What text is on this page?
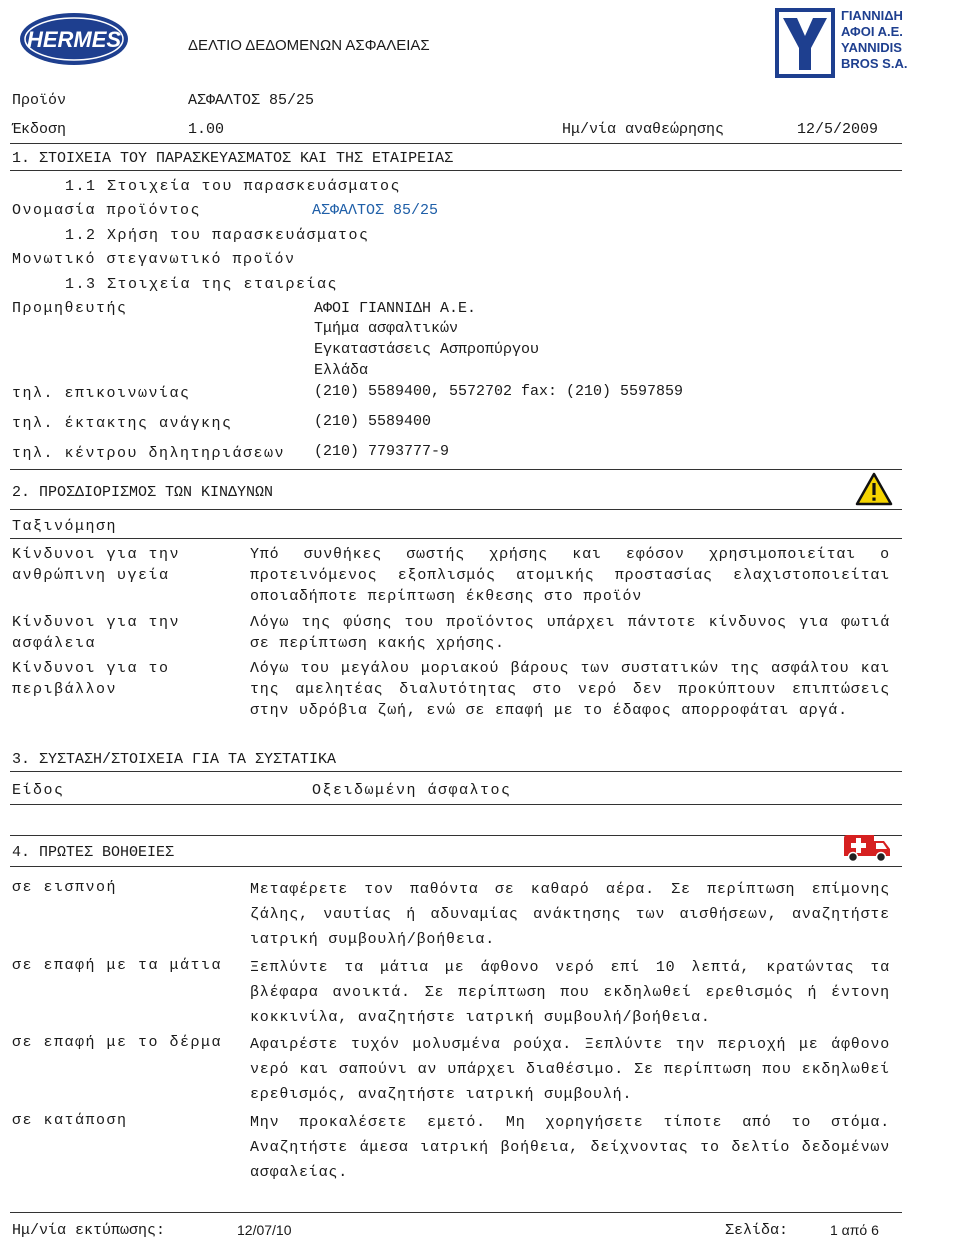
HERMES	ΔΕΛΤΙΟ ΔΕΔΟΜΕΝΩΝ ΑΣΦΑΛΕΙΑΣ
ΓΙΑΝΝΙΔΗ
ΑΦΟΙ Α.Ε.
YANNIDIS
BROS S.A.
Προϊόν	ΑΣΦΑΛΤΟΣ 85/25
Έκδοση	1.00	Ημ/νία αναθεώρησης	12/5/2009
1. ΣΤΟΙΧΕΙΑ ΤΟΥ ΠΑΡΑΣΚΕΥΑΣΜΑΤΟΣ ΚΑΙ ΤΗΣ ΕΤΑΙΡΕΙΑΣ
1.1 Στοιχεία του παρασκευάσματος
Ονομασία προϊόντος	ΑΣΦΑΛΤΟΣ 85/25
1.2 Χρήση του παρασκευάσματος
Μονωτικό στεγανωτικό προϊόν
1.3 Στοιχεία της εταιρείας
Προμηθευτής	ΑΦΟΙ ΓΙΑΝΝΙΔΗ Α.Ε.
Τμήμα ασφαλτικών
Εγκαταστάσεις Ασπροπύργου
Ελλάδα
τηλ. επικοινωνίας	(210) 5589400, 5572702 fax: (210) 5597859
τηλ. έκτακτης ανάγκης	(210) 5589400
τηλ. κέντρου δηλητηριάσεων (210) 7793777-9
2. ΠΡΟΣΔΙΟΡΙΣΜΟΣ ΤΩΝ ΚΙΝΔΥΝΩΝ
Ταξινόμηση
Κίνδυνοι για την ανθρώπινη υγεία
Υπό συνθήκες σωστής χρήσης και εφόσον χρησιμοποιείται ο προτεινόμενος εξοπλισμός ατομικής προστασίας ελαχιστοποιείται οποιαδήποτε περίπτωση έκθεσης στο προϊόν
Κίνδυνοι για την ασφάλεια
Λόγω της φύσης του προϊόντος υπάρχει πάντοτε κίνδυνος για φωτιά σε περίπτωση κακής χρήσης.
Κίνδυνοι για το περιβάλλον
Λόγω του μεγάλου μοριακού βάρους των συστατικών της ασφάλτου και της αμελητέας διαλυτότητας στο νερό δεν προκύπτουν επιπτώσεις στην υδρόβια ζωή, ενώ σε επαφή με το έδαφος απορροφάται αργά.
3. ΣΥΣΤΑΣΗ/ΣΤΟΙΧΕΙΑ ΓΙΑ ΤΑ ΣΥΣΤΑΤΙΚΑ
Είδος	Οξειδωμένη άσφαλτος
4. ΠΡΩΤΕΣ ΒΟΗΘΕΙΕΣ
σε εισπνοή	Μεταφέρετε τον παθόντα σε καθαρό αέρα. Σε περίπτωση επίμονης ζάλης, ναυτίας ή αδυναμίας ανάκτησης των αισθήσεων, αναζητήστε ιατρική συμβουλή/βοήθεια.
σε επαφή με τα μάτια	Ξεπλύντε τα μάτια με άφθονο νερό επί 10 λεπτά, κρατώντας τα βλέφαρα ανοικτά. Σε περίπτωση που εκδηλωθεί ερεθισμός ή έντονη κοκκινίλα, αναζητήστε ιατρική συμβουλή/βοήθεια.
σε επαφή με το δέρμα	Αφαιρέστε τυχόν μολυσμένα ρούχα. Ξεπλύντε την περιοχή με άφθονο νερό και σαπούνι αν υπάρχει διαθέσιμο. Σε περίπτωση που εκδηλωθεί ερεθισμός, αναζητήστε ιατρική συμβουλή.
σε κατάποση	Μην προκαλέσετε εμετό. Μη χορηγήσετε τίποτε από το στόμα. Αναζητήστε άμεσα ιατρική βοήθεια, δείχνοντας το δελτίο δεδομένων ασφαλείας.
Ημ/νία εκτύπωσης:	12/07/10	Σελίδα:	1 από 6
